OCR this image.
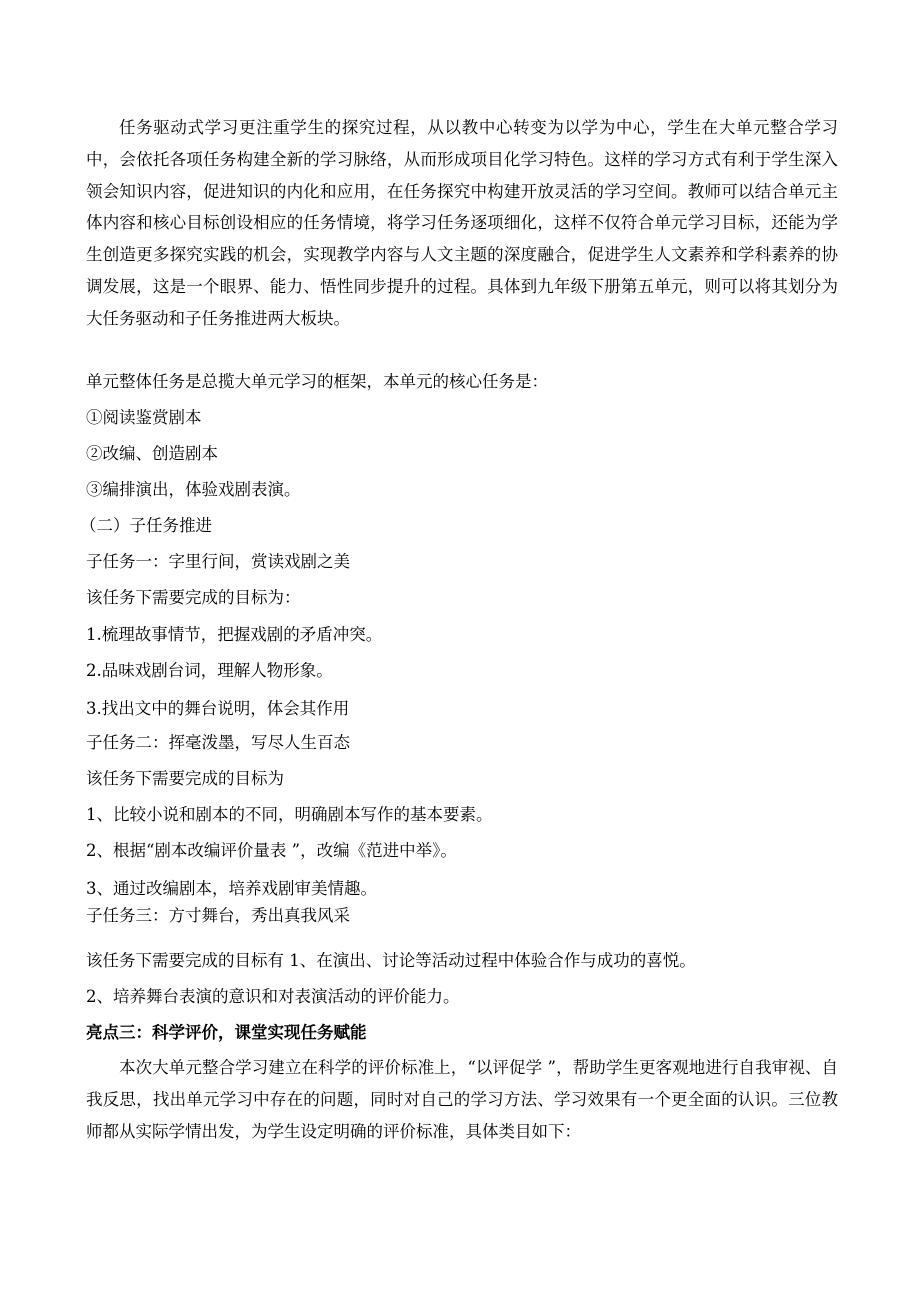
任务驱动式学习更注重学生的探究过程，从以教中心转变为以学为中心，学生在大单元整合学习中，会依托各项任务构建全新的学习脉络，从而形成项目化学习特色。这样的学习方式有利于学生深入领会知识内容，促进知识的内化和应用，在任务探究中构建开放灵活的学习空间。教师可以结合单元主体内容和核心目标创设相应的任务情境，将学习任务逐项细化，这样不仅符合单元学习目标，还能为学生创造更多探究实践的机会，实现教学内容与人文主题的深度融合，促进学生人文素养和学科素养的协调发展，这是一个眼界、能力、悟性同步提升的过程。具体到九年级下册第五单元，则可以将其划分为大任务驱动和子任务推进两大板块。

单元整体任务是总揽大单元学习的框架，本单元的核心任务是：

①阅读鉴赏剧本

②改编、创造剧本

③编排演出，体验戏剧表演。

（二）子任务推进

子任务一：字里行间，赏读戏剧之美

该任务下需要完成的目标为：

1.梳理故事情节，把握戏剧的矛盾冲突。

2.品味戏剧台词，理解人物形象。

3.找出文中的舞台说明，体会其作用

子任务二：挥毫泼墨，写尽人生百态

该任务下需要完成的目标为

1、比较小说和剧本的不同，明确剧本写作的基本要素。

2、根据“剧本改编评价量表 ”，改编《范进中举》。

3、通过改编剧本，培养戏剧审美情趣。

子任务三：方寸舞台，秀出真我风采

该任务下需要完成的目标有 1、在演出、讨论等活动过程中体验合作与成功的喜悦。

2、培养舞台表演的意识和对表演活动的评价能力。

亮点三：科学评价，课堂实现任务赋能

本次大单元整合学习建立在科学的评价标准上，“以评促学 ”，帮助学生更客观地进行自我审视、自我反思，找出单元学习中存在的问题，同时对自己的学习方法、学习效果有一个更全面的认识。三位教师都从实际学情出发，为学生设定明确的评价标准，具体类目如下：
